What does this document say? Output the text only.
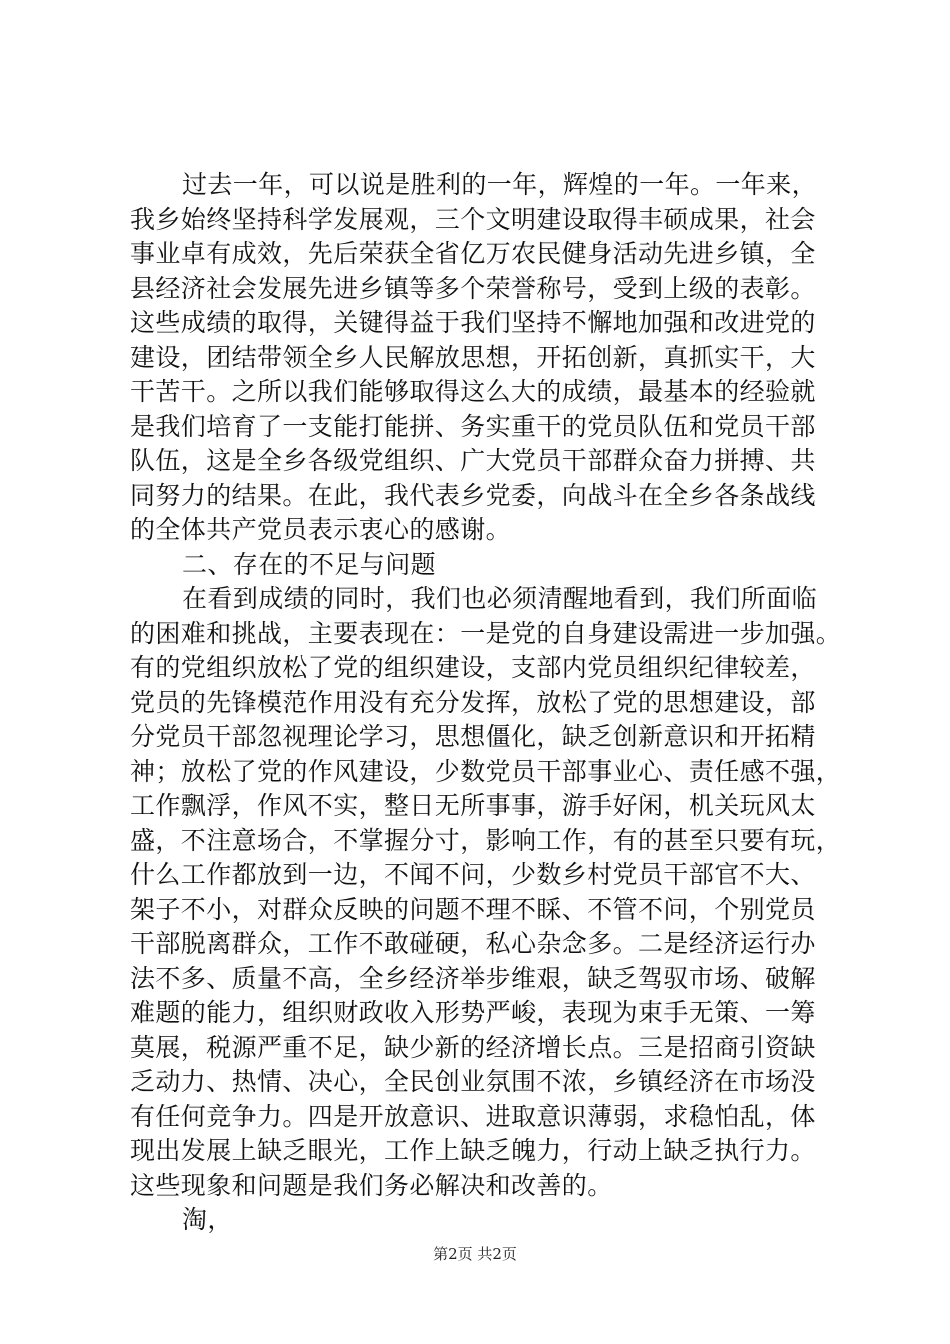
过去一年，可以说是胜利的一年，辉煌的一年。一年来，
我乡始终坚持科学发展观，三个文明建设取得丰硕成果，社会
事业卓有成效，先后荣获全省亿万农民健身活动先进乡镇，全
县经济社会发展先进乡镇等多个荣誉称号，受到上级的表彰。
这些成绩的取得，关键得益于我们坚持不懈地加强和改进党的
建设，团结带领全乡人民解放思想，开拓创新，真抓实干，大
干苦干。之所以我们能够取得这么大的成绩，最基本的经验就
是我们培育了一支能打能拼、务实重干的党员队伍和党员干部
队伍，这是全乡各级党组织、广大党员干部群众奋力拼搏、共
同努力的结果。在此，我代表乡党委，向战斗在全乡各条战线
的全体共产党员表示衷心的感谢。
二、存在的不足与问题
在看到成绩的同时，我们也必须清醒地看到，我们所面临
的困难和挑战，主要表现在：一是党的自身建设需进一步加强。
有的党组织放松了党的组织建设，支部内党员组织纪律较差，
党员的先锋模范作用没有充分发挥，放松了党的思想建设，部
分党员干部忽视理论学习，思想僵化，缺乏创新意识和开拓精
神；放松了党的作风建设，少数党员干部事业心、责任感不强，
工作飘浮，作风不实，整日无所事事，游手好闲，机关玩风太
盛，不注意场合，不掌握分寸，影响工作，有的甚至只要有玩，
什么工作都放到一边，不闻不问，少数乡村党员干部官不大、
架子不小，对群众反映的问题不理不睬、不管不问，个别党员
干部脱离群众，工作不敢碰硬，私心杂念多。二是经济运行办
法不多、质量不高，全乡经济举步维艰，缺乏驾驭市场、破解
难题的能力，组织财政收入形势严峻，表现为束手无策、一筹
莫展，税源严重不足，缺少新的经济增长点。三是招商引资缺
乏动力、热情、决心，全民创业氛围不浓，乡镇经济在市场没
有任何竞争力。四是开放意识、进取意识薄弱，求稳怕乱，体
现出发展上缺乏眼光，工作上缺乏魄力，行动上缺乏执行力。
这些现象和问题是我们务必解决和改善的。
淘，
第2页 共2页
